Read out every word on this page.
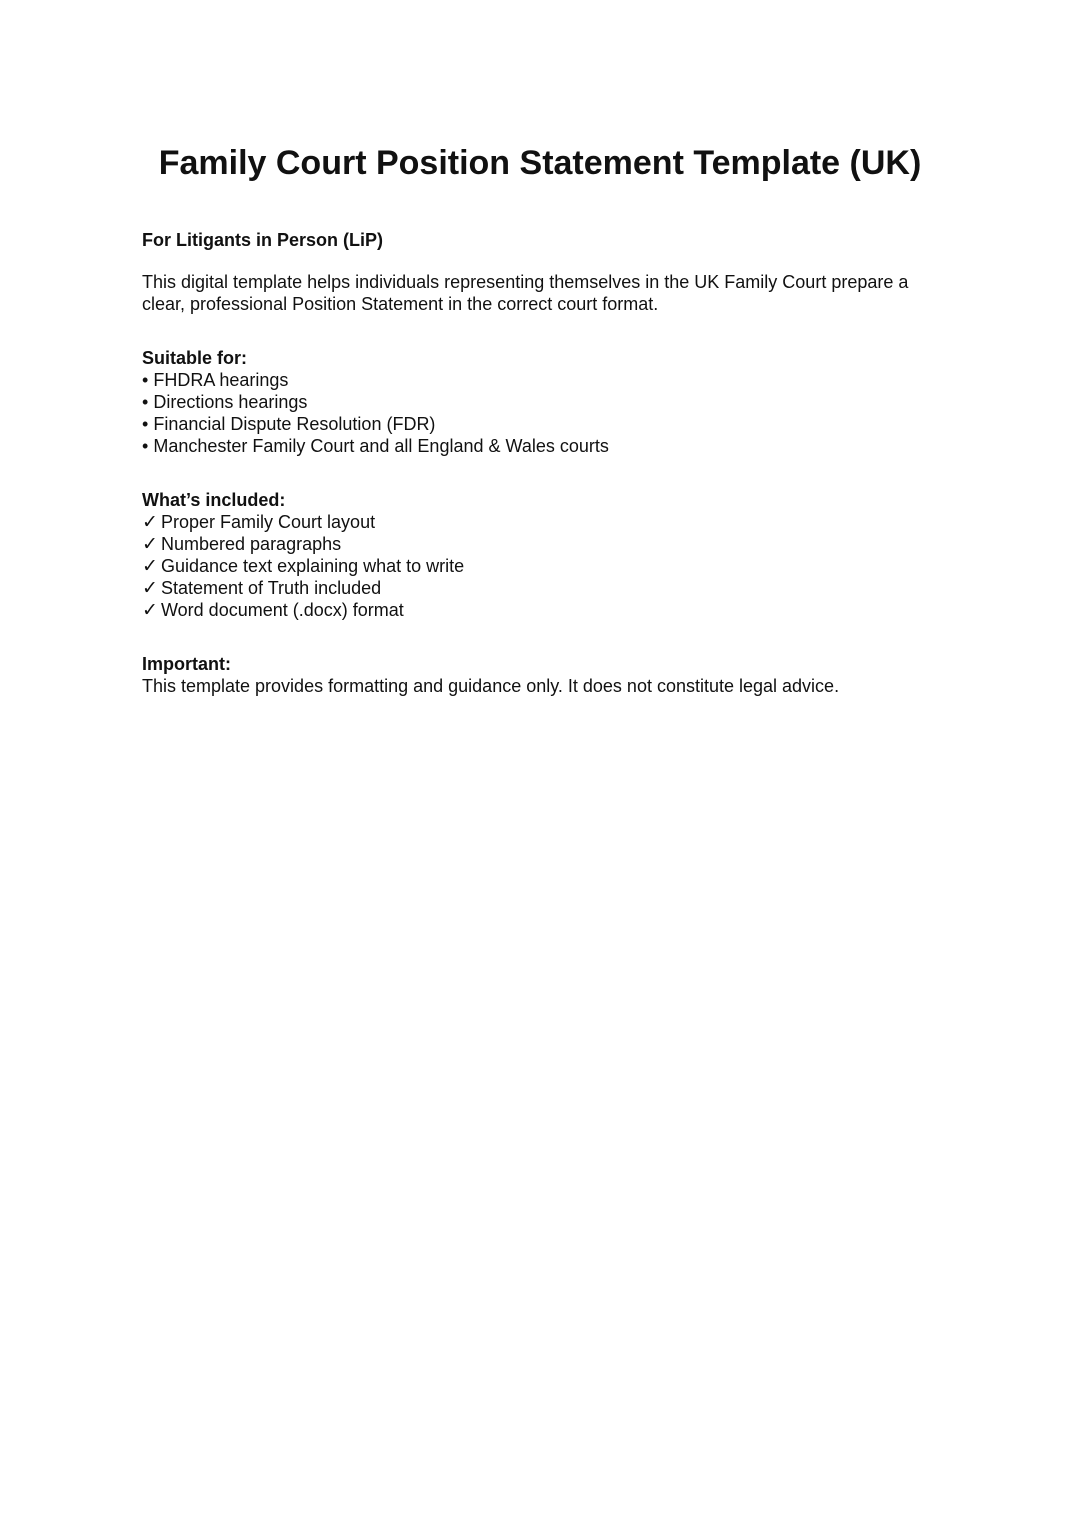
Family Court Position Statement Template (UK)

For Litigants in Person (LiP)

This digital template helps individuals representing themselves in the UK Family Court prepare a clear, professional Position Statement in the correct court format.

Suitable for:

• FHDRA hearings
• Directions hearings
• Financial Dispute Resolution (FDR)
• Manchester Family Court and all England & Wales courts

What’s included:

✓ Proper Family Court layout
✓ Numbered paragraphs
✓ Guidance text explaining what to write
✓ Statement of Truth included
✓ Word document (.docx) format

Important:

This template provides formatting and guidance only. It does not constitute legal advice.
